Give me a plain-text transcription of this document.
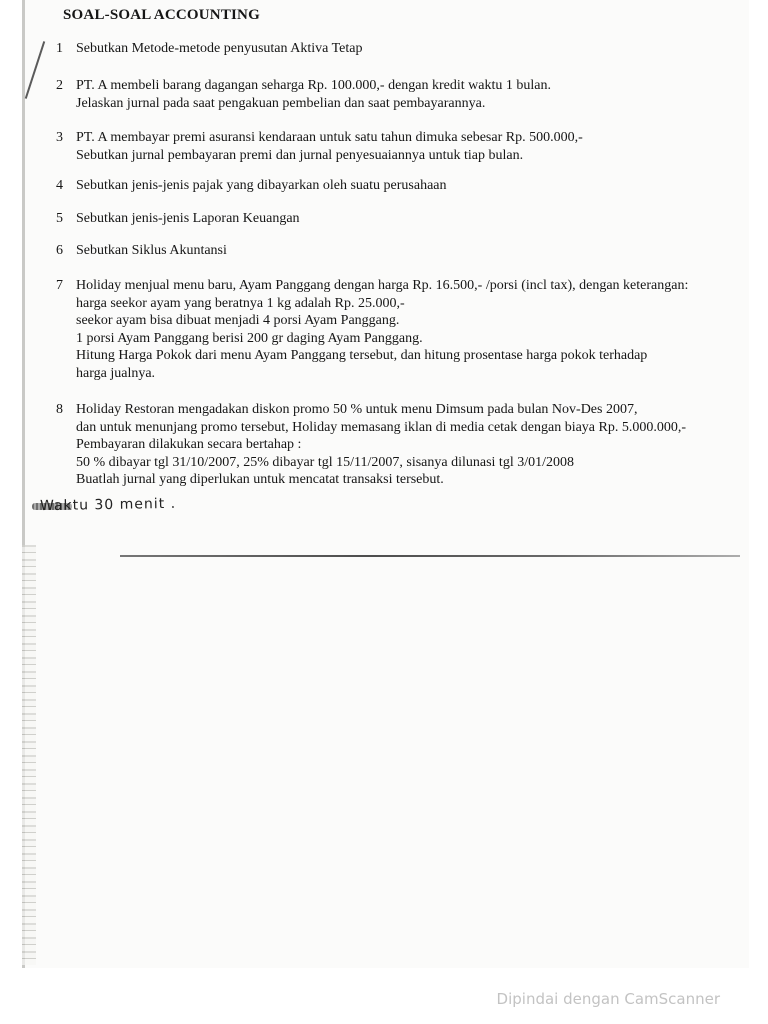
SOAL-SOAL ACCOUNTING
1 Sebutkan Metode-metode penyusutan Aktiva Tetap
2 PT. A membeli barang dagangan seharga Rp. 100.000,- dengan kredit waktu 1 bulan.
Jelaskan jurnal pada saat pengakuan pembelian dan saat pembayarannya.
3 PT. A membayar premi asuransi kendaraan untuk satu tahun dimuka sebesar Rp. 500.000,-
Sebutkan jurnal pembayaran premi dan jurnal penyesuaiannya untuk tiap bulan.
4 Sebutkan jenis-jenis pajak yang dibayarkan oleh suatu perusahaan
5 Sebutkan jenis-jenis Laporan Keuangan
6 Sebutkan Siklus Akuntansi
7 Holiday menjual menu baru, Ayam Panggang dengan harga Rp. 16.500,- /porsi (incl tax), dengan keterangan:
harga seekor ayam yang beratnya 1 kg adalah Rp. 25.000,-
seekor ayam bisa dibuat menjadi 4 porsi Ayam Panggang.
1 porsi Ayam Panggang berisi 200 gr daging Ayam Panggang.
Hitung Harga Pokok dari menu Ayam Panggang tersebut, dan hitung prosentase harga pokok terhadap
harga jualnya.
8 Holiday Restoran mengadakan diskon promo 50 % untuk menu Dimsum pada bulan Nov-Des 2007,
dan untuk menunjang promo tersebut, Holiday memasang iklan di media cetak dengan biaya Rp. 5.000.000,-
Pembayaran dilakukan secara bertahap :
50 % dibayar tgl 31/10/2007, 25% dibayar tgl 15/11/2007, sisanya dilunasi tgl 3/01/2008
Buatlah jurnal yang diperlukan untuk mencatat transaksi tersebut.
Waktu 30 menit .
Dipindai dengan CamScanner
